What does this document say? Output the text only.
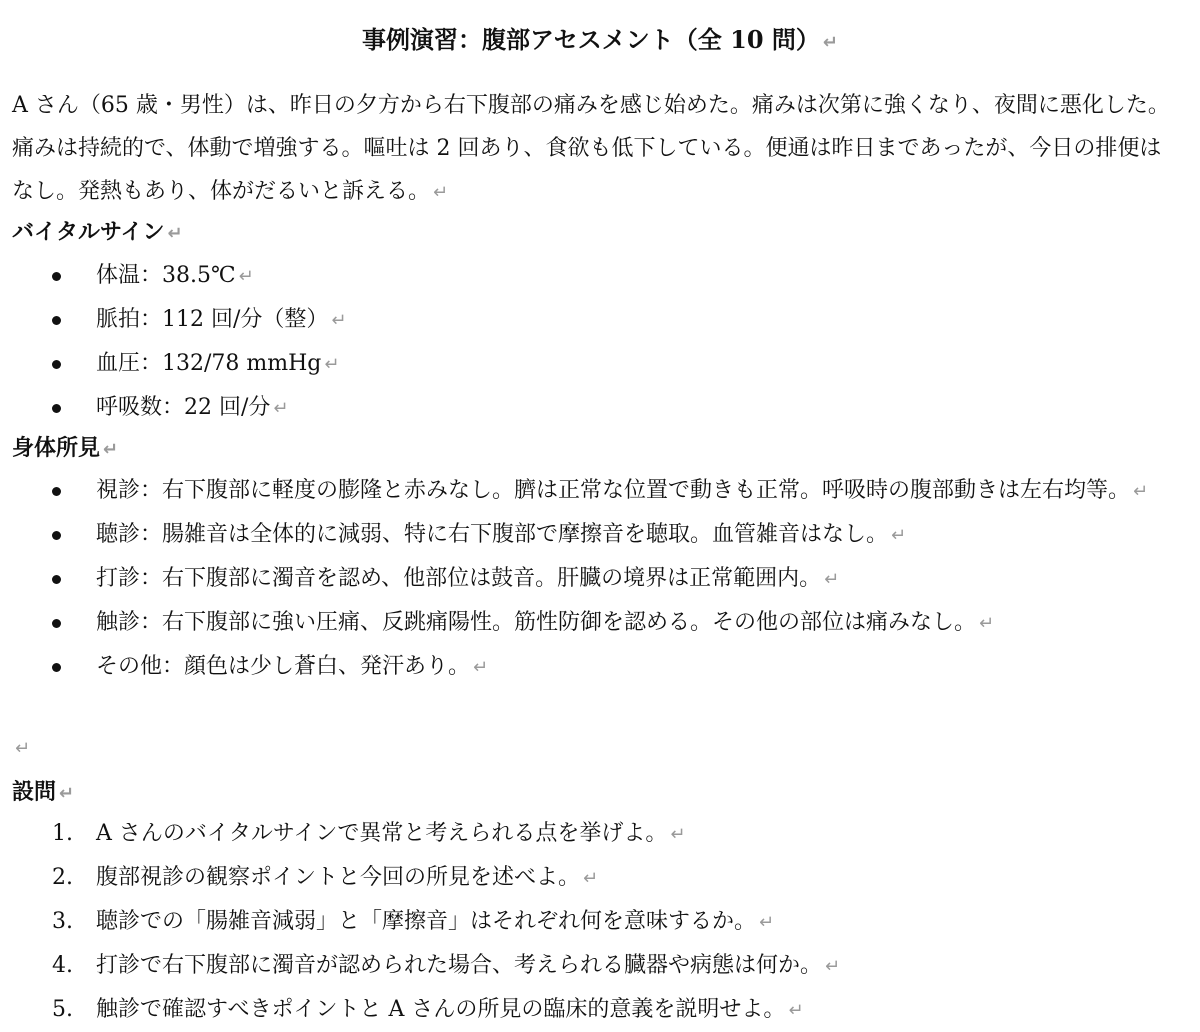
事例演習：腹部アセスメント（全 10 問） ↵

A さん（65 歳・男性）は、昨日の夕方から右下腹部の痛みを感じ始めた。痛みは次第に強くなり、夜間に悪化した。痛みは持続的で、体動で増強する。嘔吐は 2 回あり、食欲も低下している。便通は昨日まであったが、今日の排便はなし。発熱もあり、体がだるいと訴える。 ↵

バイタルサイン ↵
体温：38.5℃ ↵
脈拍：112 回/分（整） ↵
血圧：132/78 mmHg ↵
呼吸数：22 回/分 ↵
身体所見 ↵
視診：右下腹部に軽度の膨隆と赤みなし。臍は正常な位置で動きも正常。呼吸時の腹部動きは左右均等。 ↵
聴診：腸雑音は全体的に減弱、特に右下腹部で摩擦音を聴取。血管雑音はなし。 ↵
打診：右下腹部に濁音を認め、他部位は鼓音。肝臓の境界は正常範囲内。 ↵
触診：右下腹部に強い圧痛、反跳痛陽性。筋性防御を認める。その他の部位は痛みなし。 ↵
その他：顔色は少し蒼白、発汗あり。 ↵
↵
設問 ↵
1. A さんのバイタルサインで異常と考えられる点を挙げよ。 ↵
2. 腹部視診の観察ポイントと今回の所見を述べよ。 ↵
3. 聴診での「腸雑音減弱」と「摩擦音」はそれぞれ何を意味するか。 ↵
4. 打診で右下腹部に濁音が認められた場合、考えられる臓器や病態は何か。 ↵
5. 触診で確認すべきポイントと A さんの所見の臨床的意義を説明せよ。 ↵
